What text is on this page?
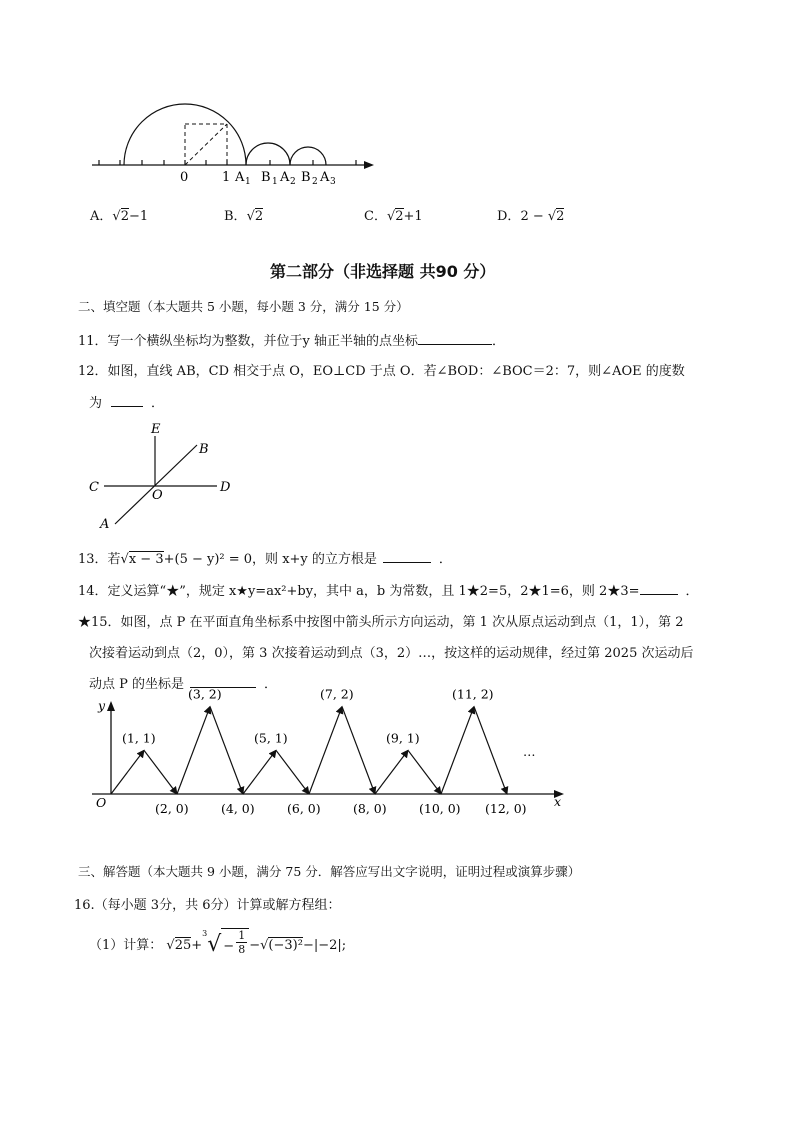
0	1 A 1 B 1 A 2 B 2 A 3
A．√2−1	B．√2	C．√2+1	D．2 − √2
第二部分（非选择题 共90 分）
二、填空题（本大题共 5 小题，每小题 3 分，满分 15 分）
11．写一个横纵坐标均为整数，并位于y 轴正半轴的点坐标	．
12．如图，直线 AB，CD 相交于点 O，EO⊥CD 于点 O．若∠BOD：∠BOC＝2：7，则∠AOE 的度数
为	．
E
B
C
O
D
A
13．若√x − 3+(5 − y)² = 0，则 x+y 的立方根是	．
14．定义运算“★”，规定 x★y=ax²+by，其中 a，b 为常数，且 1★2=5，2★1=6，则 2★3=	．
★15．如图，点 P 在平面直角坐标系中按图中箭头所示方向运动，第 1 次从原点运动到点（1，1），第 2
次接着运动到点（2，0），第 3 次接着运动到点（3，2）…，按这样的运动规律，经过第 2025 次运动后
动点 P 的坐标是	．
y
x
O
…
(1, 1)
(3, 2)
(5, 1)
(7, 2)
(9, 1)
(11, 2)
(2, 0)	(4, 0)	(6, 0)	(8, 0)	(10, 0) (12, 0)
三、解答题（本大题共 9 小题，满分 75 分．解答应写出文字说明，证明过程或演算步骤）
16.（每小题 3分，共 6分）计算或解方程组：
（1）计算： $√25+^3√ - \frac{1}{8} -√(-3)^2-|-2|$;
